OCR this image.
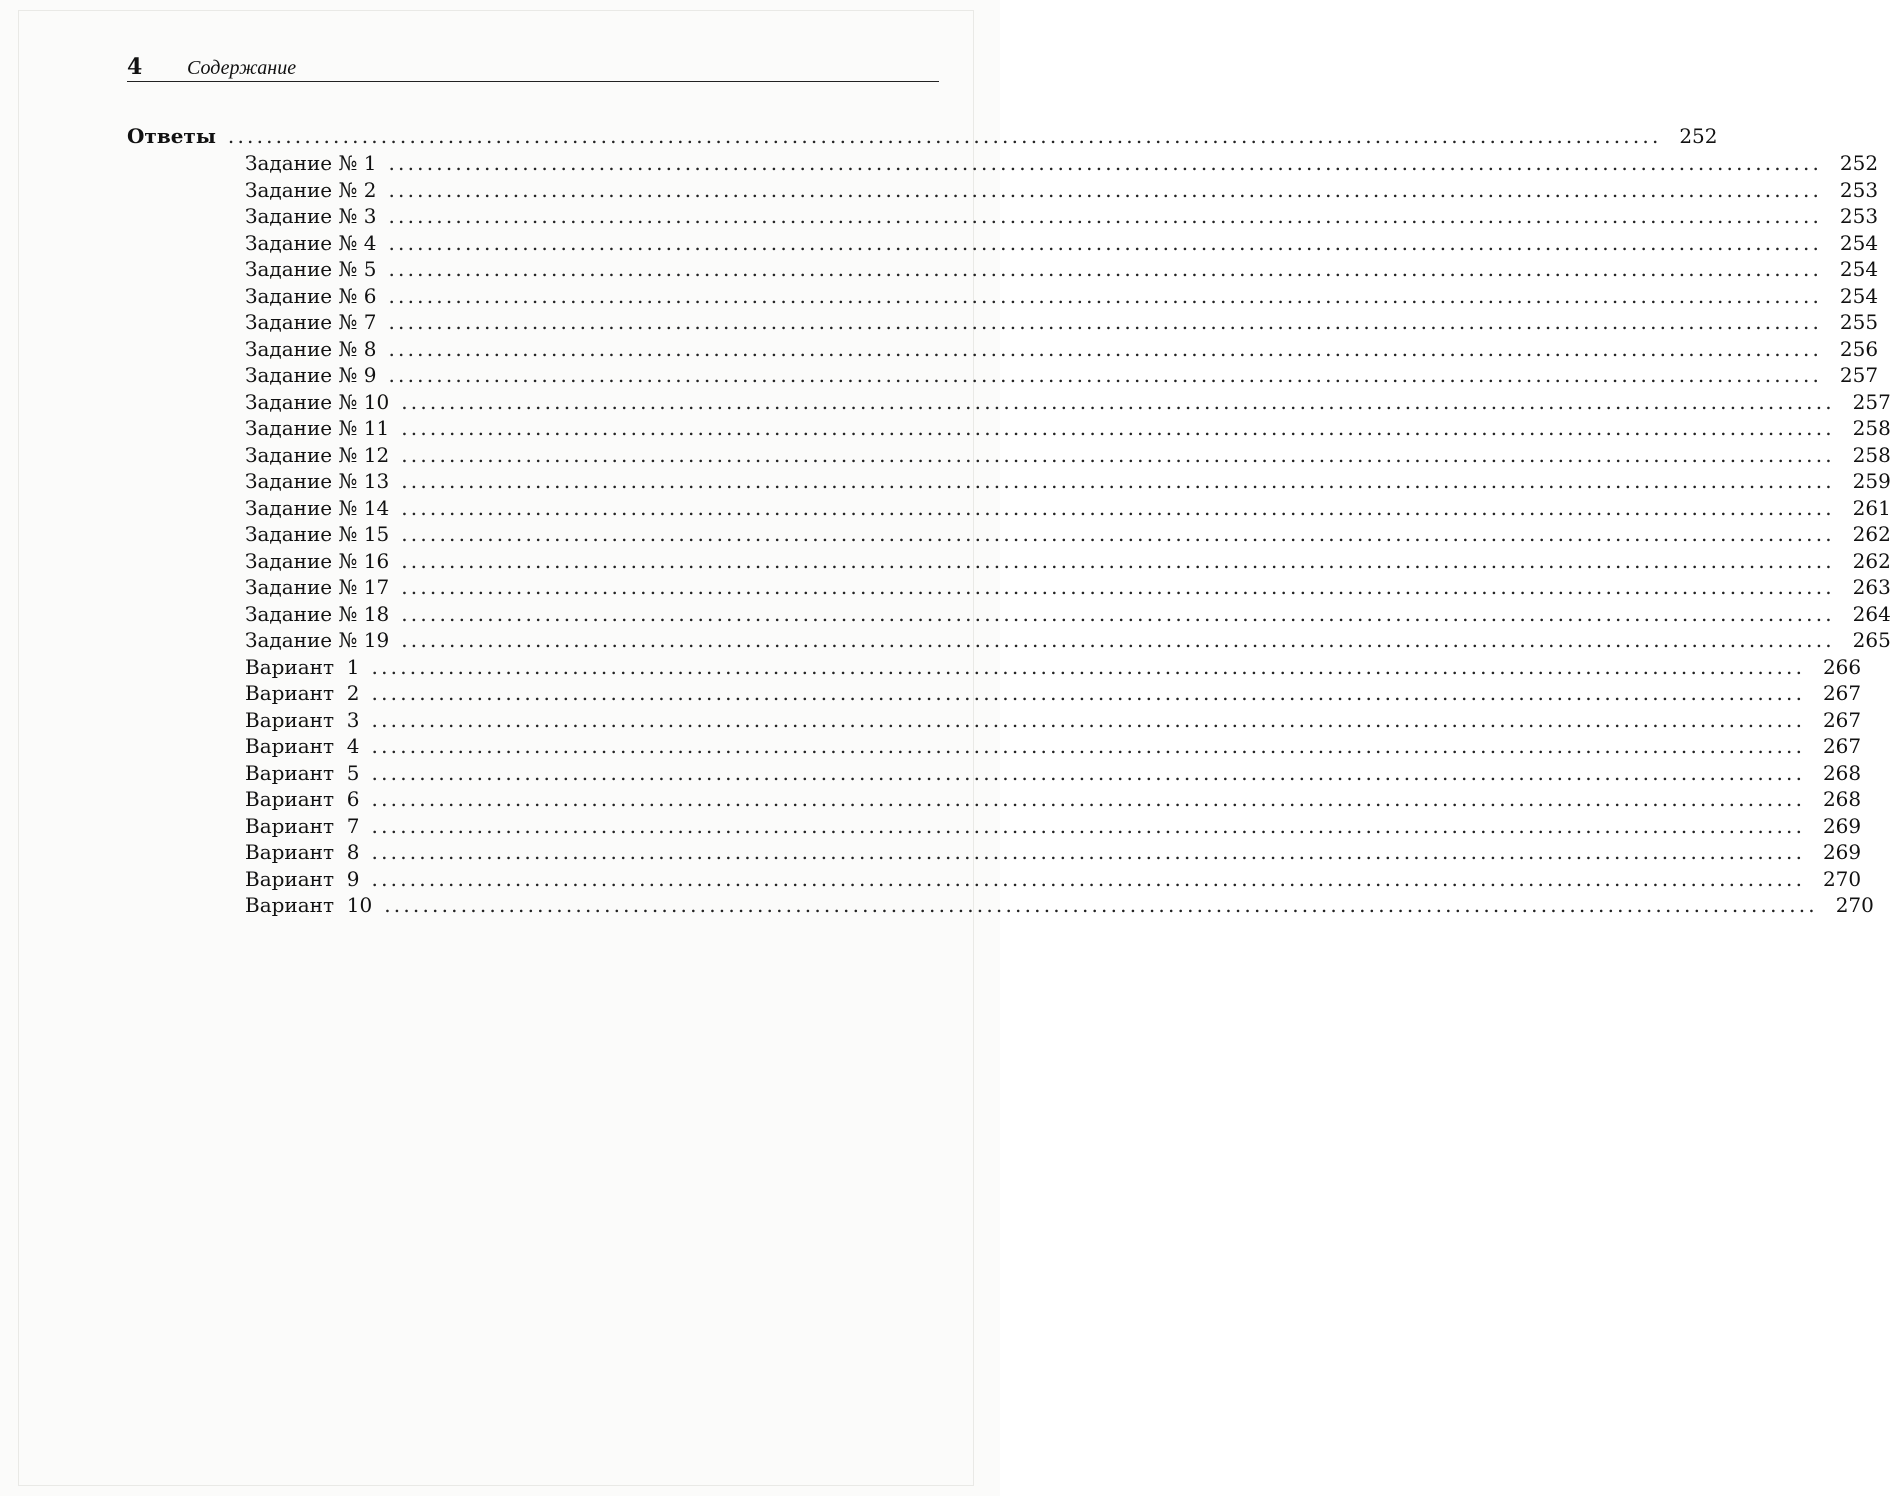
4 Содержание
Ответы ...................................................................................................................................................... 252
Задание № 1 ...................................................................................................................................................... 252
Задание № 2 ...................................................................................................................................................... 253
Задание № 3 ...................................................................................................................................................... 253
Задание № 4 ...................................................................................................................................................... 254
Задание № 5 ...................................................................................................................................................... 254
Задание № 6 ...................................................................................................................................................... 254
Задание № 7 ...................................................................................................................................................... 255
Задание № 8 ...................................................................................................................................................... 256
Задание № 9 ...................................................................................................................................................... 257
Задание № 10 ...................................................................................................................................................... 257
Задание № 11 ...................................................................................................................................................... 258
Задание № 12 ...................................................................................................................................................... 258
Задание № 13 ...................................................................................................................................................... 259
Задание № 14 ...................................................................................................................................................... 261
Задание № 15 ...................................................................................................................................................... 262
Задание № 16 ...................................................................................................................................................... 262
Задание № 17 ...................................................................................................................................................... 263
Задание № 18 ...................................................................................................................................................... 264
Задание № 19 ...................................................................................................................................................... 265
Вариант  1 ...................................................................................................................................................... 266
Вариант  2 ...................................................................................................................................................... 267
Вариант  3 ...................................................................................................................................................... 267
Вариант  4 ...................................................................................................................................................... 267
Вариант  5 ...................................................................................................................................................... 268
Вариант  6 ...................................................................................................................................................... 268
Вариант  7 ...................................................................................................................................................... 269
Вариант  8 ...................................................................................................................................................... 269
Вариант  9 ...................................................................................................................................................... 270
Вариант  10 ...................................................................................................................................................... 270
